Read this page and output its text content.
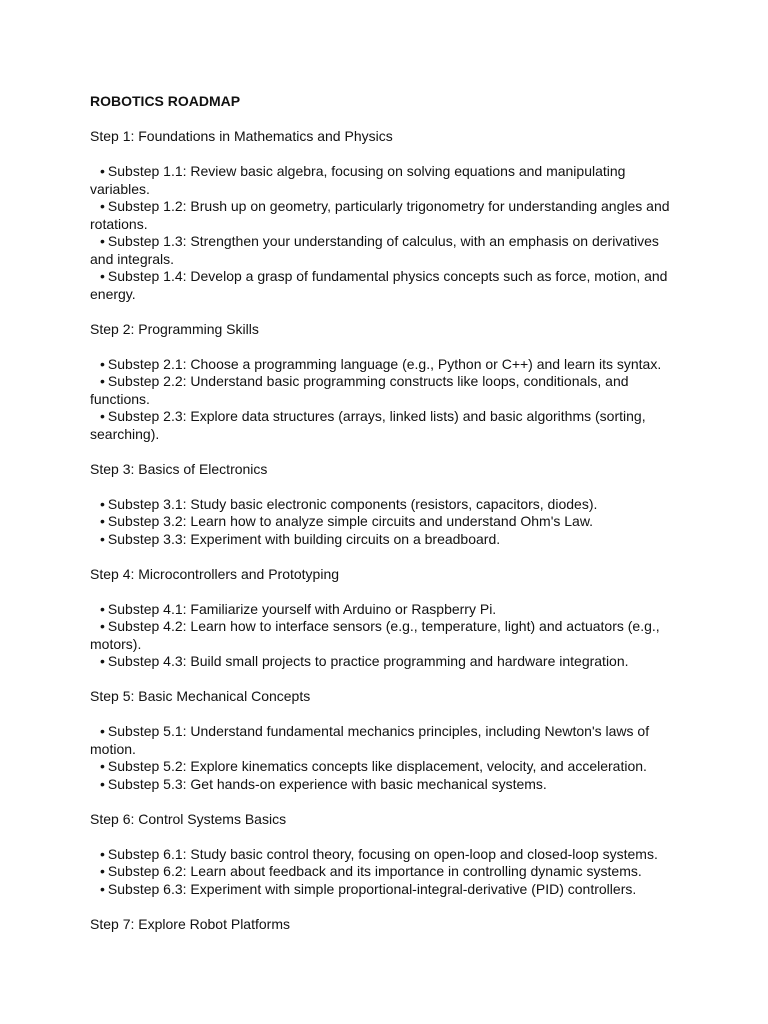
ROBOTICS ROADMAP
Step 1: Foundations in Mathematics and Physics
• Substep 1.1: Review basic algebra, focusing on solving equations and manipulating variables.
• Substep 1.2: Brush up on geometry, particularly trigonometry for understanding angles and rotations.
• Substep 1.3: Strengthen your understanding of calculus, with an emphasis on derivatives and integrals.
• Substep 1.4: Develop a grasp of fundamental physics concepts such as force, motion, and energy.
Step 2: Programming Skills
• Substep 2.1: Choose a programming language (e.g., Python or C++) and learn its syntax.
• Substep 2.2: Understand basic programming constructs like loops, conditionals, and functions.
• Substep 2.3: Explore data structures (arrays, linked lists) and basic algorithms (sorting, searching).
Step 3: Basics of Electronics
• Substep 3.1: Study basic electronic components (resistors, capacitors, diodes).
• Substep 3.2: Learn how to analyze simple circuits and understand Ohm's Law.
• Substep 3.3: Experiment with building circuits on a breadboard.
Step 4: Microcontrollers and Prototyping
• Substep 4.1: Familiarize yourself with Arduino or Raspberry Pi.
• Substep 4.2: Learn how to interface sensors (e.g., temperature, light) and actuators (e.g., motors).
• Substep 4.3: Build small projects to practice programming and hardware integration.
Step 5: Basic Mechanical Concepts
• Substep 5.1: Understand fundamental mechanics principles, including Newton's laws of motion.
• Substep 5.2: Explore kinematics concepts like displacement, velocity, and acceleration.
• Substep 5.3: Get hands-on experience with basic mechanical systems.
Step 6: Control Systems Basics
• Substep 6.1: Study basic control theory, focusing on open-loop and closed-loop systems.
• Substep 6.2: Learn about feedback and its importance in controlling dynamic systems.
• Substep 6.3: Experiment with simple proportional-integral-derivative (PID) controllers.
Step 7: Explore Robot Platforms
